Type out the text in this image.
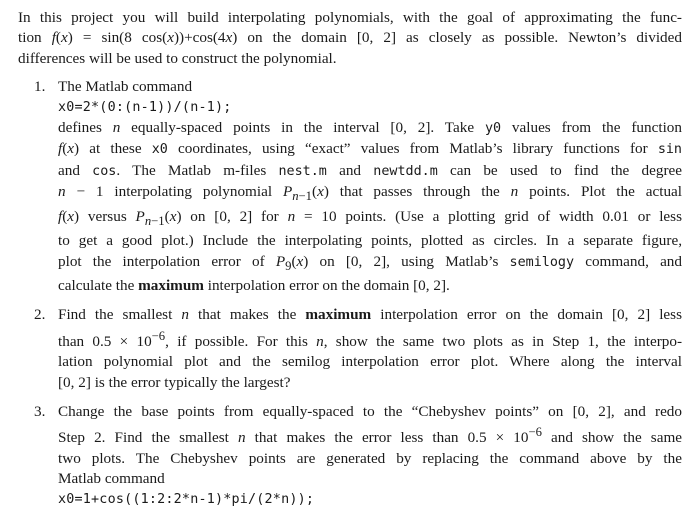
In this project you will build interpolating polynomials, with the goal of approximating the func-
tion f(x) = sin(8 cos(x))+cos(4x) on the domain [0, 2] as closely as possible. Newton’s divided
differences will be used to construct the polynomial.

1. The Matlab command
x0=2*(0:(n-1))/(n-1);
defines n equally-spaced points in the interval [0, 2]. Take y0 values from the function
f(x) at these x0 coordinates, using “exact” values from Matlab’s library functions for sin
and cos. The Matlab m-files nest.m and newtdd.m can be used to find the degree
n − 1 interpolating polynomial $P_{n-1}(x)$ that passes through the n points. Plot the actual
f(x) versus $P_{n-1}(x)$ on [0, 2] for n = 10 points. (Use a plotting grid of width 0.01 or less
to get a good plot.) Include the interpolating points, plotted as circles. In a separate figure,
plot the interpolation error of $P_9(x)$ on [0, 2], using Matlab’s semilogy command, and
calculate the maximum interpolation error on the domain [0, 2].
2. Find the smallest n that makes the maximum interpolation error on the domain [0, 2] less
than $0.5 \times 10^{-6}$, if possible. For this n, show the same two plots as in Step 1, the interpo-
lation polynomial plot and the semilog interpolation error plot. Where along the interval
[0, 2] is the error typically the largest?
3. Change the base points from equally-spaced to the “Chebyshev points” on [0, 2], and redo
Step 2. Find the smallest n that makes the error less than $0.5 \times 10^{-6}$ and show the same
two plots. The Chebyshev points are generated by replacing the command above by the
Matlab command
x0=1+cos((1:2:2*n-1)*pi/(2*n));
